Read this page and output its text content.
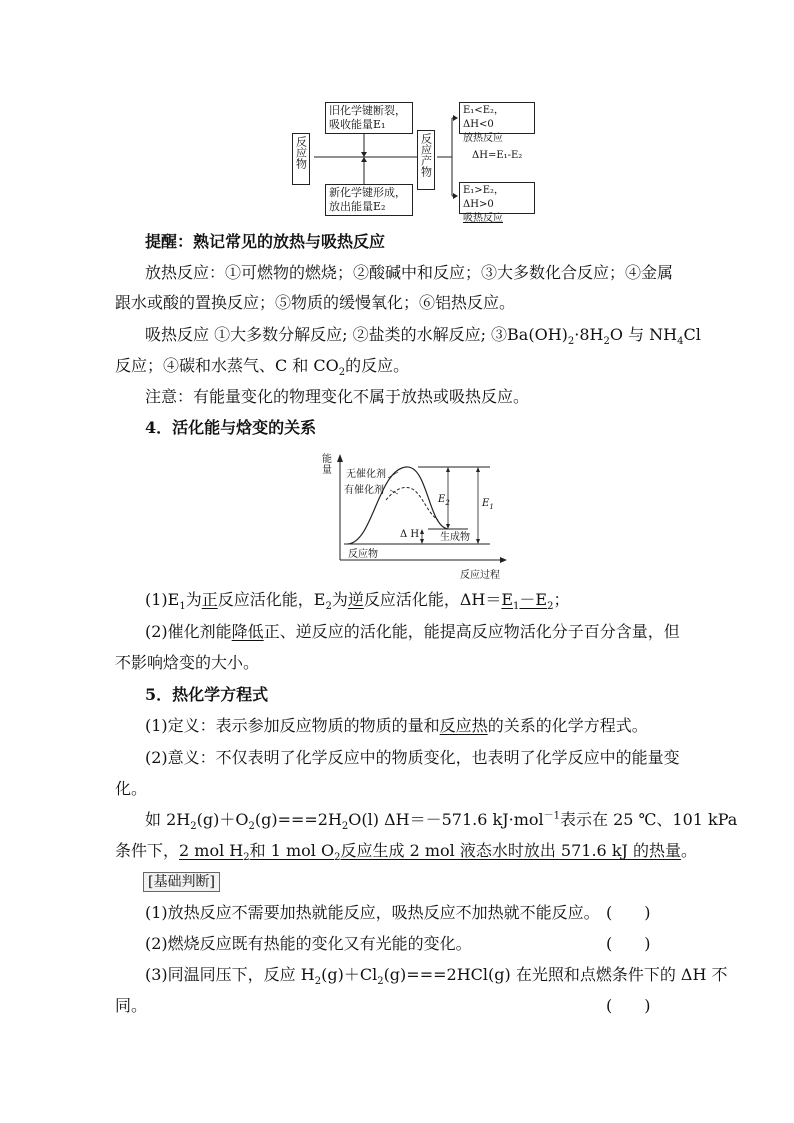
反应物
旧化学键断裂，
吸收能量E₁
新化学键形成，
放出能量E₂
反应产物
E₁<E₂，ΔH<0
放热反应
ΔH=E₁-E₂
E₁>E₂，ΔH>0
吸热反应
提醒：熟记常见的放热与吸热反应
放热反应：①可燃物的燃烧；②酸碱中和反应；③大多数化合反应；④金属
跟水或酸的置换反应；⑤物质的缓慢氧化；⑥铝热反应。
吸热反应 ①大多数分解反应; ②盐类的水解反应; $③Ba(OH)_2\cdot 8H_2O$ 与 $NH_4Cl$
反应；④碳和水蒸气、C 和 $CO_2$的反应。
注意：有能量变化的物理变化不属于放热或吸热反应。
4．活化能与焓变的关系
能量 无催化剂
有催化剂
$E_2$	$E_1$
Δ H 生成物
反应物
反应过程
$(1)E_1$为正反应活化能，$E_2$为逆反应活化能，$\Delta H=E_1-E_2$；
(2)催化剂能降低正、逆反应的活化能，能提高反应物活化分子百分含量，但
不影响焓变的大小。
5．热化学方程式
(1)定义：表示参加反应物质的物质的量和反应热的关系的化学方程式。
(2)意义：不仅表明了化学反应中的物质变化，也表明了化学反应中的能量变
化。
如 $2H_2(g)+O_2(g)===2H_2O(l)$ ΔH＝－571.6 kJ·mol$^{-1}$表示在 25 ℃、101 kPa
条件下，2 mol $H_2$和 1 mol $O_2$反应生成 2 mol 液态水时放出 571.6 kJ 的热量。
[基础判断]
(1)放热反应不需要加热就能反应，吸热反应不加热就不能反应。 (　　)
(2)燃烧反应既有热能的变化又有光能的变化。	(　　)
(3)同温同压下，反应 $H_2(g)+Cl_2(g)===2HCl(g)$ 在光照和点燃条件下的 ΔH 不
同。	(　　)
